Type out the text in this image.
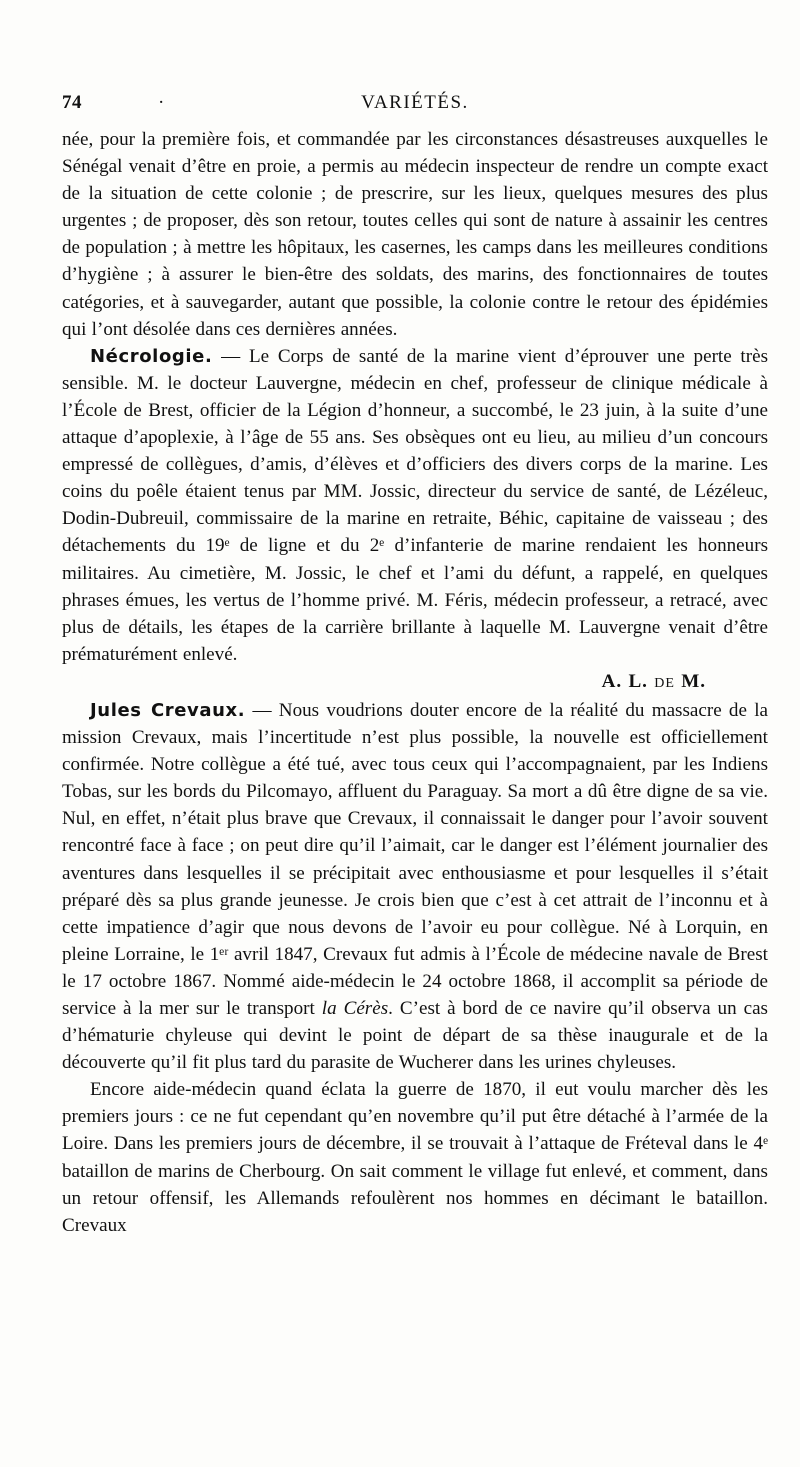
74	·	VARIÉTÉS.

née, pour la première fois, et commandée par les circonstances désastreuses auxquelles le Sénégal venait d’être en proie, a permis au médecin inspecteur de rendre un compte exact de la situation de cette colonie ; de prescrire, sur les lieux, quelques mesures des plus urgentes ; de proposer, dès son retour, toutes celles qui sont de nature à assainir les centres de population ; à mettre les hôpitaux, les casernes, les camps dans les meilleures conditions d’hygiène ; à assurer le bien-être des soldats, des marins, des fonctionnaires de toutes catégories, et à sauvegarder, autant que possible, la colonie contre le retour des épidémies qui l’ont désolée dans ces dernières années.

Nécrologie. — Le Corps de santé de la marine vient d’éprouver une perte très sensible. M. le docteur Lauvergne, médecin en chef, professeur de clinique médicale à l’École de Brest, officier de la Légion d’honneur, a succombé, le 23 juin, à la suite d’une attaque d’apoplexie, à l’âge de 55 ans. Ses obsèques ont eu lieu, au milieu d’un concours empressé de collègues, d’amis, d’élèves et d’officiers des divers corps de la marine. Les coins du poêle étaient tenus par MM. Jossic, directeur du service de santé, de Lézéleuc, Dodin-Dubreuil, commissaire de la marine en retraite, Béhic, capitaine de vaisseau ; des détachements du 19ᵉ de ligne et du 2ᵉ d’infanterie de marine rendaient les honneurs militaires. Au cimetière, M. Jossic, le chef et l’ami du défunt, a rappelé, en quelques phrases émues, les vertus de l’homme privé. M. Féris, médecin professeur, a retracé, avec plus de détails, les étapes de la carrière brillante à laquelle M. Lauvergne venait d’être prématurément enlevé.

A. L. DE M.

Jules Crevaux. — Nous voudrions douter encore de la réalité du massacre de la mission Crevaux, mais l’incertitude n’est plus possible, la nouvelle est officiellement confirmée. Notre collègue a été tué, avec tous ceux qui l’accompagnaient, par les Indiens Tobas, sur les bords du Pilcomayo, affluent du Paraguay. Sa mort a dû être digne de sa vie. Nul, en effet, n’était plus brave que Crevaux, il connaissait le danger pour l’avoir souvent rencontré face à face ; on peut dire qu’il l’aimait, car le danger est l’élément journalier des aventures dans lesquelles il se précipitait avec enthousiasme et pour lesquelles il s’était préparé dès sa plus grande jeunesse. Je crois bien que c’est à cet attrait de l’inconnu et à cette impatience d’agir que nous devons de l’avoir eu pour collègue. Né à Lorquin, en pleine Lorraine, le 1ᵉʳ avril 1847, Crevaux fut admis à l’École de médecine navale de Brest le 17 octobre 1867. Nommé aide-médecin le 24 octobre 1868, il accomplit sa période de service à la mer sur le transport la Cérès. C’est à bord de ce navire qu’il observa un cas d’hématurie chyleuse qui devint le point de départ de sa thèse inaugurale et de la découverte qu’il fit plus tard du parasite de Wucherer dans les urines chyleuses.

Encore aide-médecin quand éclata la guerre de 1870, il eut voulu marcher dès les premiers jours : ce ne fut cependant qu’en novembre qu’il put être détaché à l’armée de la Loire. Dans les premiers jours de décembre, il se trouvait à l’attaque de Fréteval dans le 4ᵉ bataillon de marins de Cherbourg. On sait comment le village fut enlevé, et comment, dans un retour offensif, les Allemands refoulèrent nos hommes en décimant le bataillon. Crevaux
